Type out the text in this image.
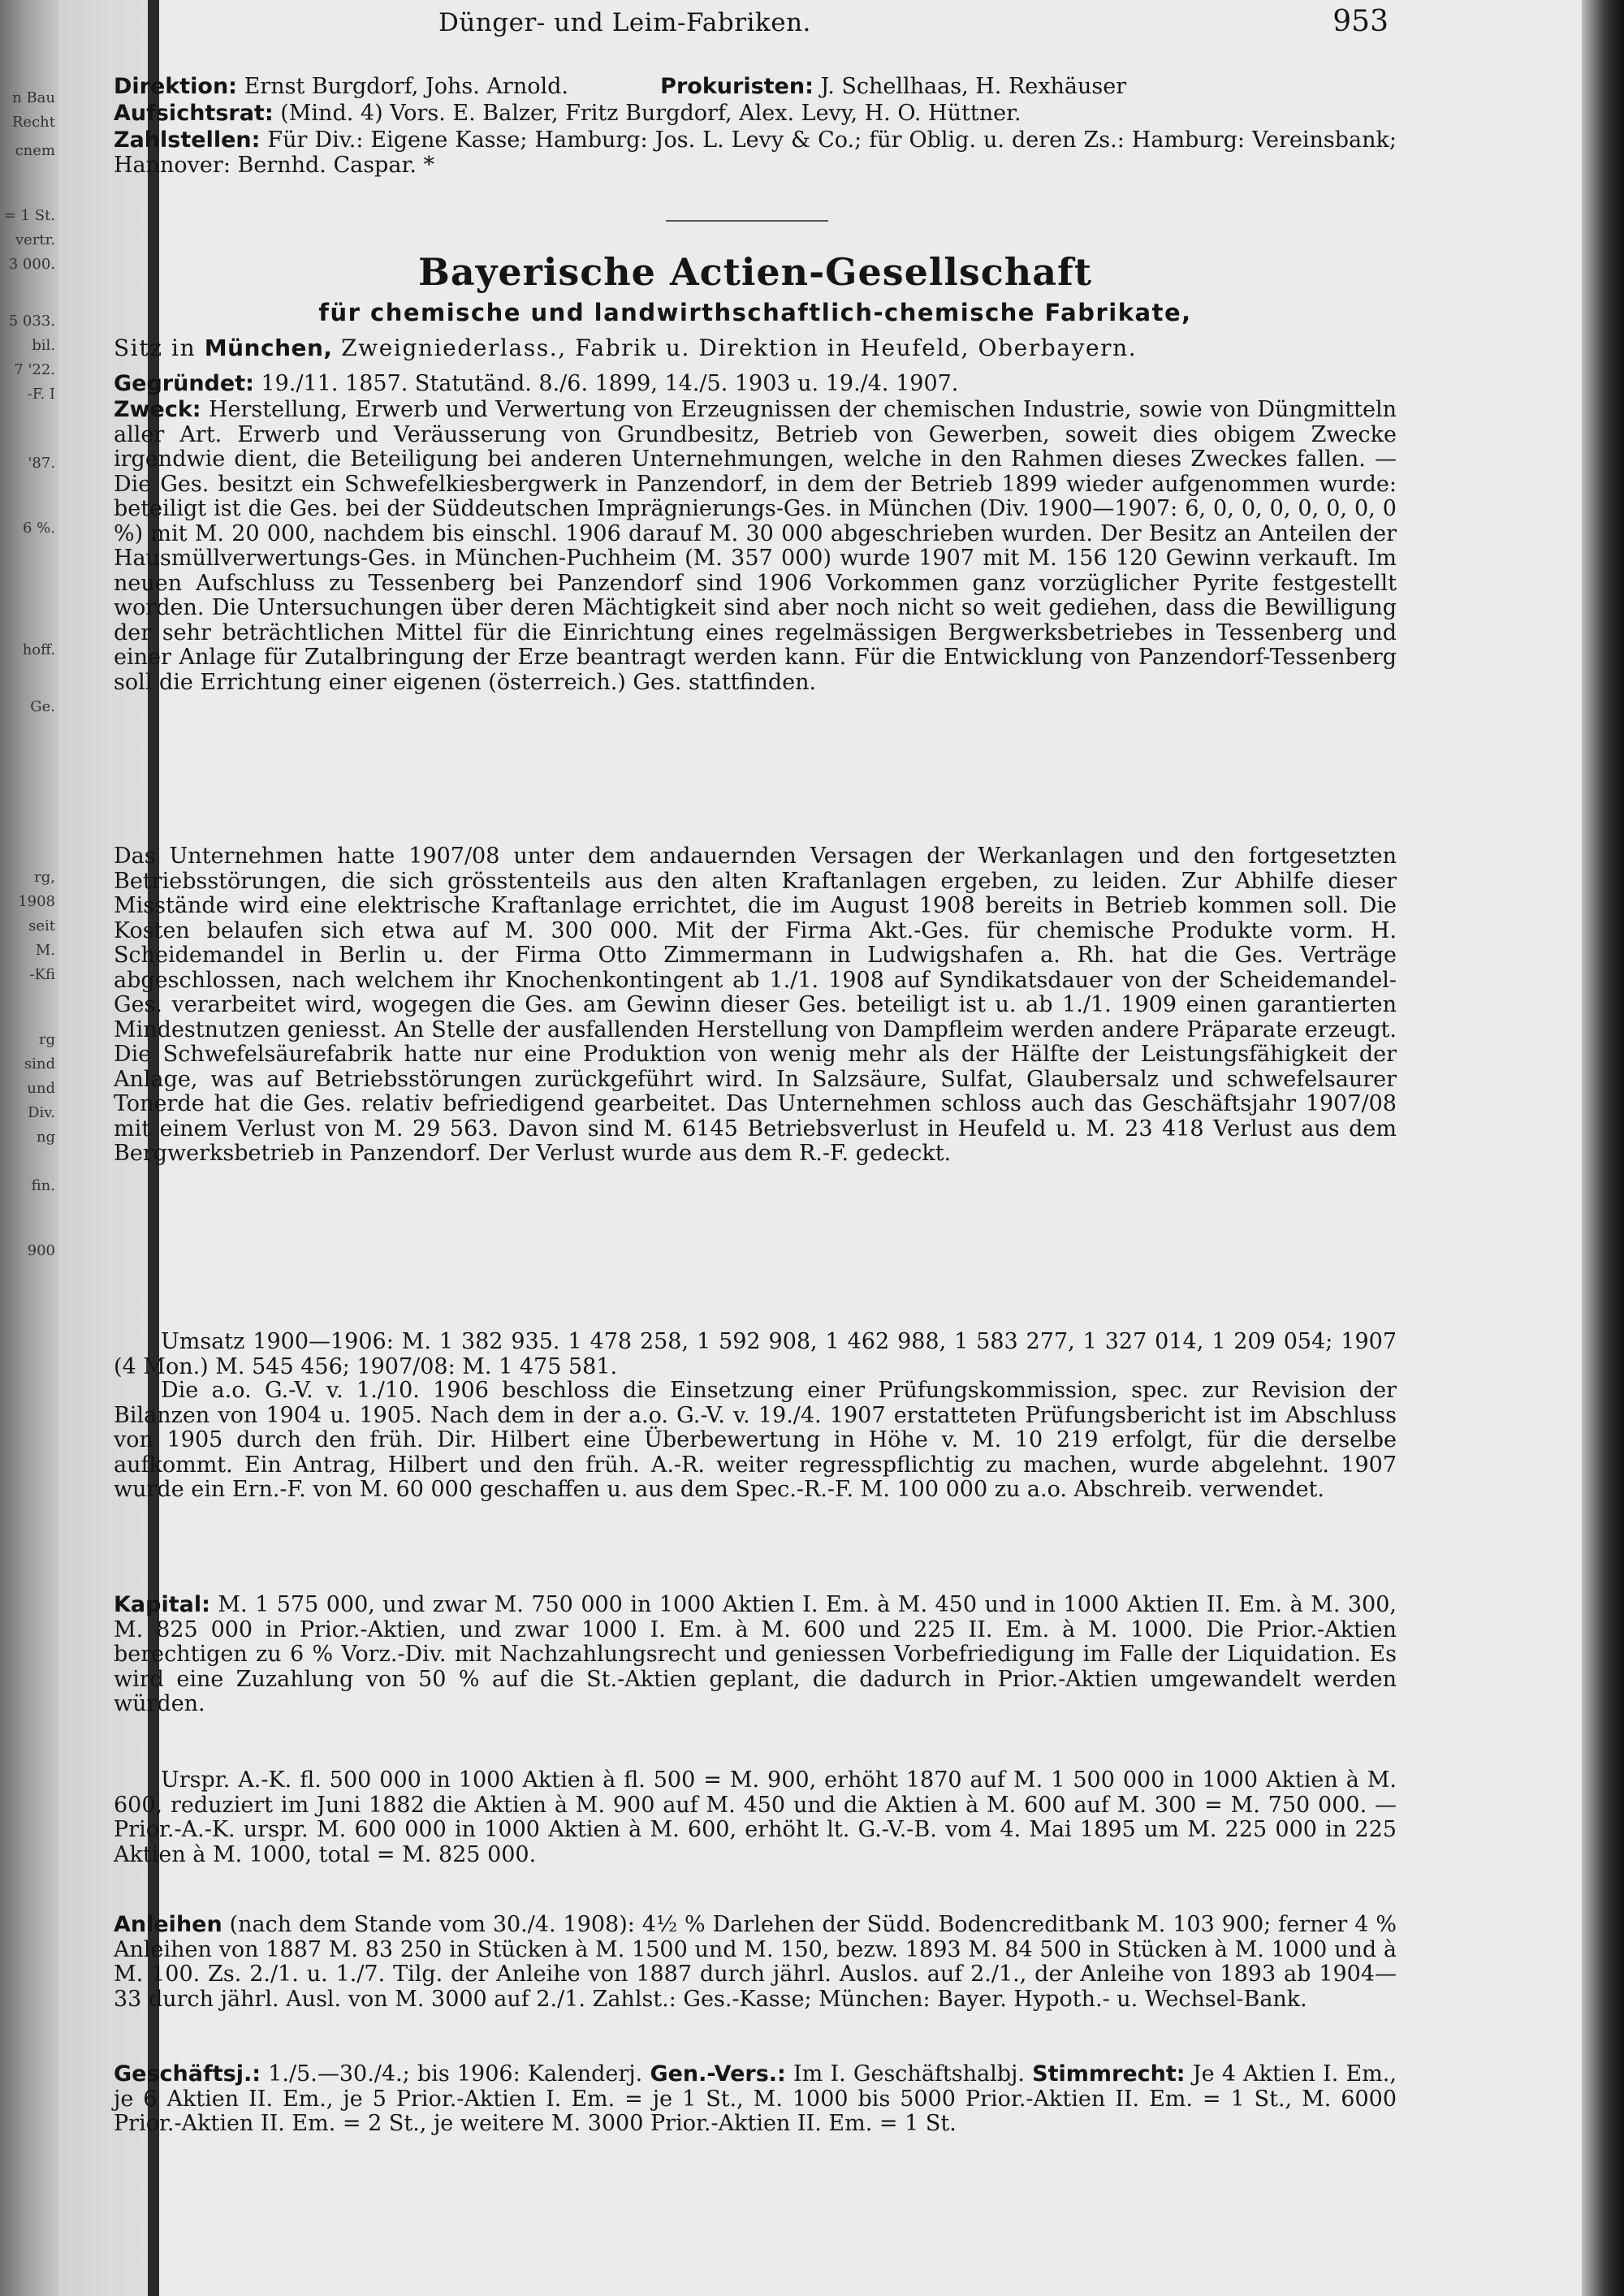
n Bau
Recht
cnem
= 1 St.
vertr.
3 000.
5 033.
bil.
7 '22.
-F. I
'87.
6 %.
hoff.
Ge.
rg,
1908
seit
M.
-Kfi
rg
sind
und
Div.
ng
fin.
900
Dünger- und Leim-Fabriken.	953

Direktion: Ernst Burgdorf, Johs. Arnold.	Prokuristen: J. Schellhaas, H. Rexhäuser

Aufsichtsrat: (Mind. 4) Vors. E. Balzer, Fritz Burgdorf, Alex. Levy, H. O. Hüttner.

Zahlstellen: Für Div.: Eigene Kasse; Hamburg: Jos. L. Levy & Co.; für Oblig. u. deren Zs.: Hamburg: Vereinsbank; Hannover: Bernhd. Caspar. *

Bayerische Actien-Gesellschaft
für chemische und landwirthschaftlich-chemische Fabrikate,

Sitz in München, Zweigniederlass., Fabrik u. Direktion in Heufeld, Oberbayern.

Gegründet: 19./11. 1857. Statutänd. 8./6. 1899, 14./5. 1903 u. 19./4. 1907.

Zweck: Herstellung, Erwerb und Verwertung von Erzeugnissen der chemischen Industrie, sowie von Düngmitteln aller Art. Erwerb und Veräusserung von Grundbesitz, Betrieb von Gewerben, soweit dies obigem Zwecke irgendwie dient, die Beteiligung bei anderen Unternehmungen, welche in den Rahmen dieses Zweckes fallen. — Die Ges. besitzt ein Schwefelkiesbergwerk in Panzendorf, in dem der Betrieb 1899 wieder aufgenommen wurde: beteiligt ist die Ges. bei der Süddeutschen Imprägnierungs-Ges. in München (Div. 1900—1907: 6, 0, 0, 0, 0, 0, 0, 0 %) mit M. 20 000, nachdem bis einschl. 1906 darauf M. 30 000 abgeschrieben wurden. Der Besitz an Anteilen der Hausmüllverwertungs-Ges. in München-Puchheim (M. 357 000) wurde 1907 mit M. 156 120 Gewinn verkauft. Im neuen Aufschluss zu Tessenberg bei Panzendorf sind 1906 Vorkommen ganz vorzüglicher Pyrite festgestellt worden. Die Untersuchungen über deren Mächtigkeit sind aber noch nicht so weit gediehen, dass die Bewilligung der sehr beträchtlichen Mittel für die Einrichtung eines regelmässigen Bergwerksbetriebes in Tessenberg und einer Anlage für Zutalbringung der Erze beantragt werden kann. Für die Entwicklung von Panzendorf-Tessenberg soll die Errichtung einer eigenen (österreich.) Ges. stattfinden.

Das Unternehmen hatte 1907/08 unter dem andauernden Versagen der Werkanlagen und den fortgesetzten Betriebsstörungen, die sich grösstenteils aus den alten Kraftanlagen ergeben, zu leiden. Zur Abhilfe dieser Misstände wird eine elektrische Kraftanlage errichtet, die im August 1908 bereits in Betrieb kommen soll. Die Kosten belaufen sich etwa auf M. 300 000. Mit der Firma Akt.-Ges. für chemische Produkte vorm. H. Scheidemandel in Berlin u. der Firma Otto Zimmermann in Ludwigshafen a. Rh. hat die Ges. Verträge abgeschlossen, nach welchem ihr Knochenkontingent ab 1./1. 1908 auf Syndikatsdauer von der Scheidemandel-Ges. verarbeitet wird, wogegen die Ges. am Gewinn dieser Ges. beteiligt ist u. ab 1./1. 1909 einen garantierten Mindestnutzen geniesst. An Stelle der ausfallenden Herstellung von Dampfleim werden andere Präparate erzeugt. Die Schwefelsäurefabrik hatte nur eine Produktion von wenig mehr als der Hälfte der Leistungsfähigkeit der Anlage, was auf Betriebsstörungen zurückgeführt wird. In Salzsäure, Sulfat, Glaubersalz und schwefelsaurer Tonerde hat die Ges. relativ befriedigend gearbeitet. Das Unternehmen schloss auch das Geschäftsjahr 1907/08 mit einem Verlust von M. 29 563. Davon sind M. 6145 Betriebsverlust in Heufeld u. M. 23 418 Verlust aus dem Bergwerksbetrieb in Panzendorf. Der Verlust wurde aus dem R.-F. gedeckt.

Umsatz 1900—1906: M. 1 382 935. 1 478 258, 1 592 908, 1 462 988, 1 583 277, 1 327 014, 1 209 054; 1907 (4 Mon.) M. 545 456; 1907/08: M. 1 475 581.

Die a.o. G.-V. v. 1./10. 1906 beschloss die Einsetzung einer Prüfungskommission, spec. zur Revision der Bilanzen von 1904 u. 1905. Nach dem in der a.o. G.-V. v. 19./4. 1907 erstatteten Prüfungsbericht ist im Abschluss von 1905 durch den früh. Dir. Hilbert eine Überbewertung in Höhe v. M. 10 219 erfolgt, für die derselbe aufkommt. Ein Antrag, Hilbert und den früh. A.-R. weiter regresspflichtig zu machen, wurde abgelehnt. 1907 wurde ein Ern.-F. von M. 60 000 geschaffen u. aus dem Spec.-R.-F. M. 100 000 zu a.o. Abschreib. verwendet.

Kapital: M. 1 575 000, und zwar M. 750 000 in 1000 Aktien I. Em. à M. 450 und in 1000 Aktien II. Em. à M. 300, M. 825 000 in Prior.-Aktien, und zwar 1000 I. Em. à M. 600 und 225 II. Em. à M. 1000. Die Prior.-Aktien berechtigen zu 6 % Vorz.-Div. mit Nachzahlungsrecht und geniessen Vorbefriedigung im Falle der Liquidation. Es wird eine Zuzahlung von 50 % auf die St.-Aktien geplant, die dadurch in Prior.-Aktien umgewandelt werden würden.

Urspr. A.-K. fl. 500 000 in 1000 Aktien à fl. 500 = M. 900, erhöht 1870 auf M. 1 500 000 in 1000 Aktien à M. 600, reduziert im Juni 1882 die Aktien à M. 900 auf M. 450 und die Aktien à M. 600 auf M. 300 = M. 750 000. — Prior.-A.-K. urspr. M. 600 000 in 1000 Aktien à M. 600, erhöht lt. G.-V.-B. vom 4. Mai 1895 um M. 225 000 in 225 Aktien à M. 1000, total = M. 825 000.

Anleihen (nach dem Stande vom 30./4. 1908): 4½ % Darlehen der Südd. Bodencreditbank M. 103 900; ferner 4 % Anleihen von 1887 M. 83 250 in Stücken à M. 1500 und M. 150, bezw. 1893 M. 84 500 in Stücken à M. 1000 und à M. 100. Zs. 2./1. u. 1./7. Tilg. der Anleihe von 1887 durch jährl. Auslos. auf 2./1., der Anleihe von 1893 ab 1904—33 durch jährl. Ausl. von M. 3000 auf 2./1. Zahlst.: Ges.-Kasse; München: Bayer. Hypoth.- u. Wechsel-Bank.

Geschäftsj.: 1./5.—30./4.; bis 1906: Kalenderj. Gen.-Vers.: Im I. Geschäftshalbj. Stimmrecht: Je 4 Aktien I. Em., je 6 Aktien II. Em., je 5 Prior.-Aktien I. Em. = je 1 St., M. 1000 bis 5000 Prior.-Aktien II. Em. = 1 St., M. 6000 Prior.-Aktien II. Em. = 2 St., je weitere M. 3000 Prior.-Aktien II. Em. = 1 St.
